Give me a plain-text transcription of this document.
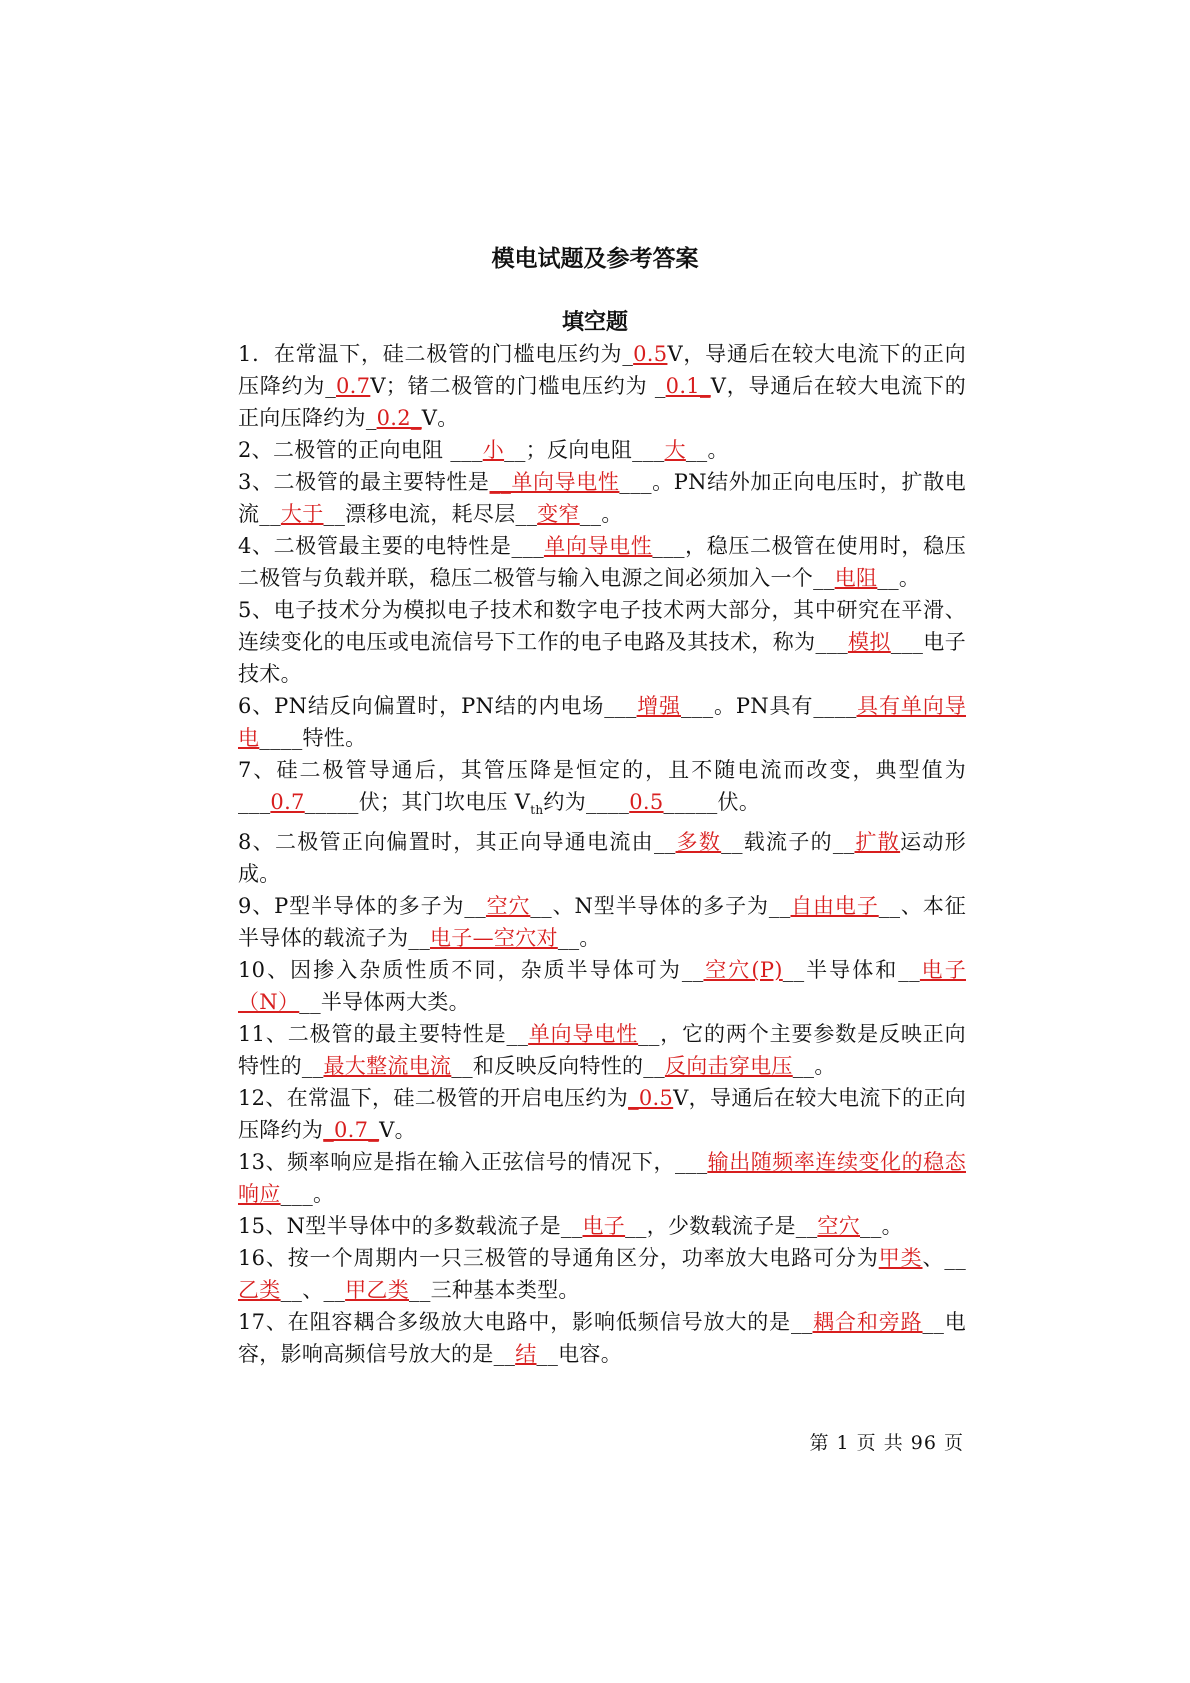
模电试题及参考答案
填空题

1．在常温下，硅二极管的门槛电压约为_0.5V，导通后在较大电流下的正向压降约为_0.7V；锗二极管的门槛电压约为 _0.1_V，导通后在较大电流下的正向压降约为_0.2_V。

2、二极管的正向电阻 ___小__；反向电阻___大__。

3、二极管的最主要特性是__单向导电性___。PN结外加正向电压时，扩散电流__大于__漂移电流，耗尽层__变窄__。

4、二极管最主要的电特性是___单向导电性___，稳压二极管在使用时，稳压二极管与负载并联，稳压二极管与输入电源之间必须加入一个__电阻__。

5、电子技术分为模拟电子技术和数字电子技术两大部分，其中研究在平滑、连续变化的电压或电流信号下工作的电子电路及其技术，称为___模拟___电子技术。

6、PN结反向偏置时，PN结的内电场___增强___。PN具有____具有单向导电____特性。

7、硅二极管导通后，其管压降是恒定的，且不随电流而改变，典型值为___0.7_____伏；其门坎电压 $V_{th}$约为____0.5_____伏。

8、二极管正向偏置时，其正向导通电流由__多数__载流子的__扩散运动形成。

9、P型半导体的多子为__空穴__、N型半导体的多子为__自由电子__、本征半导体的载流子为__电子—空穴对__。

10、因掺入杂质性质不同，杂质半导体可为__空穴(P)__半导体和__电子（N）__半导体两大类。

11、二极管的最主要特性是__单向导电性__，它的两个主要参数是反映正向特性的__最大整流电流__和反映反向特性的__反向击穿电压__。

12、在常温下，硅二极管的开启电压约为_0.5V，导通后在较大电流下的正向压降约为_0.7_V。

13、频率响应是指在输入正弦信号的情况下，___输出随频率连续变化的稳态响应___。

15、N型半导体中的多数载流子是__电子__，少数载流子是__空穴__。

16、按一个周期内一只三极管的导通角区分，功率放大电路可分为甲类、__乙类__、__甲乙类__三种基本类型。

17、在阻容耦合多级放大电路中，影响低频信号放大的是__耦合和旁路__电容，影响高频信号放大的是__结__电容。

第 1 页 共 96 页
